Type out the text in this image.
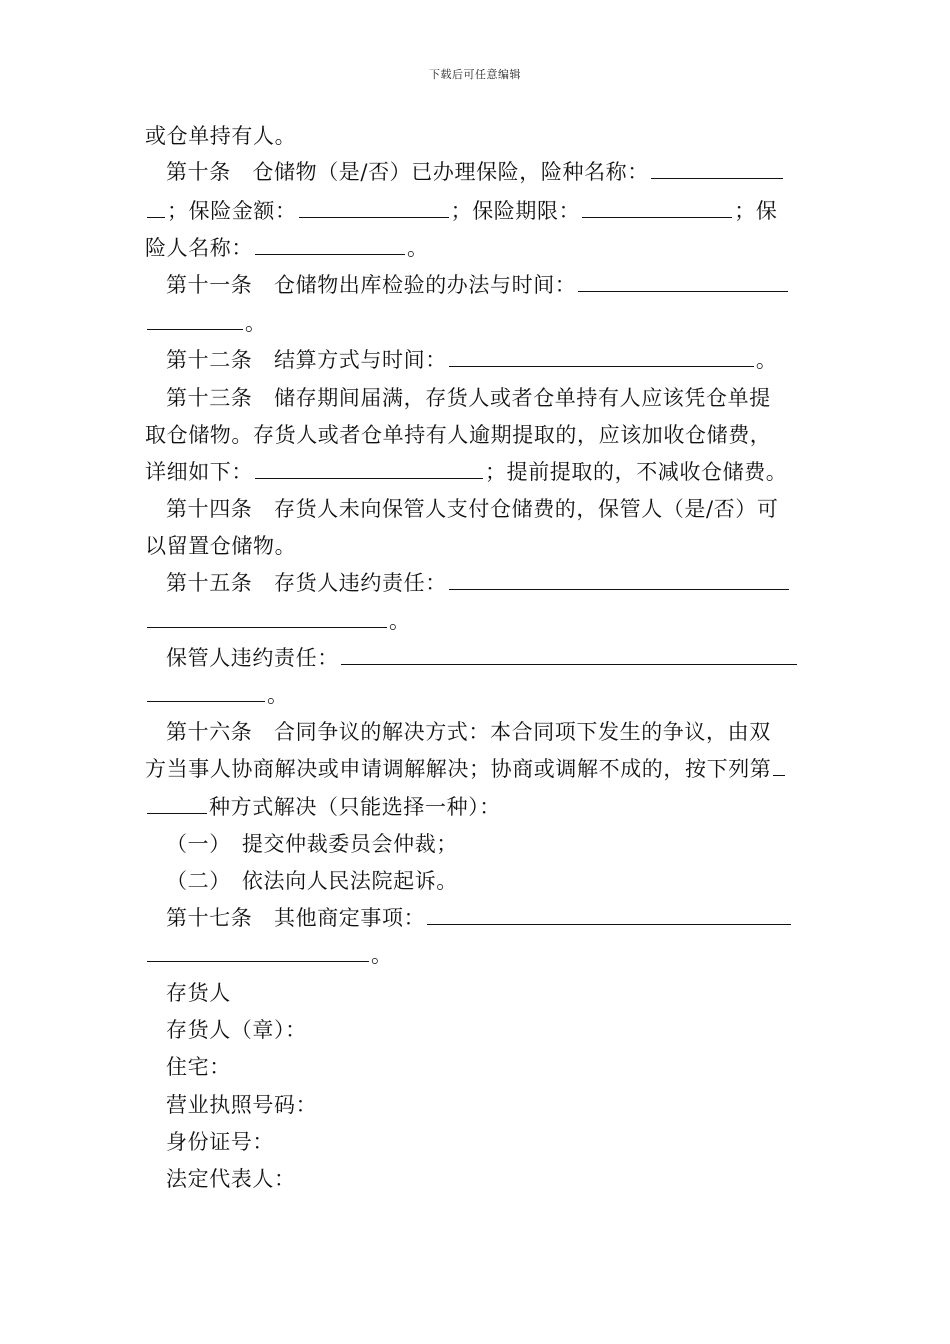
下载后可任意编辑
或仓单持有人。
第十条　仓储物（是/否）已办理保险，险种名称：
；保险金额：	；保险期限：	；保
险人名称：	。
第十一条　仓储物出库检验的办法与时间：
。
第十二条　结算方式与时间：	。
第十三条　储存期间届满，存货人或者仓单持有人应该凭仓单提
取仓储物。存货人或者仓单持有人逾期提取的，应该加收仓储费，
详细如下：	；提前提取的，不减收仓储费。
第十四条　存货人未向保管人支付仓储费的，保管人（是/否）可
以留置仓储物。
第十五条　存货人违约责任：
。
保管人违约责任：
。
第十六条　合同争议的解决方式：本合同项下发生的争议，由双
方当事人协商解决或申请调解解决；协商或调解不成的，按下列第
种方式解决（只能选择一种）：
（一）　提交仲裁委员会仲裁；
（二）　依法向人民法院起诉。
第十七条　其他商定事项：
。
存货人
存货人（章）：
住宅：
营业执照号码：
身份证号：
法定代表人：
